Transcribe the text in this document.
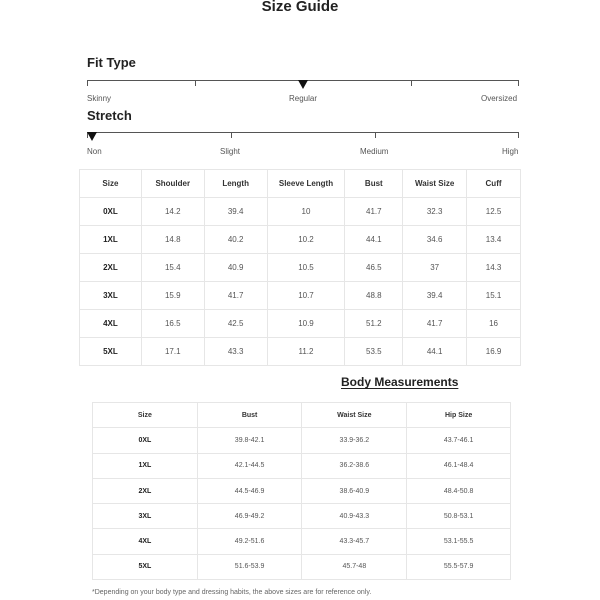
Size Guide
Fit Type
Skinny	Regular	Oversized
Stretch
Non	Slight	Medium	High
Size	Shoulder	Length	Sleeve Length	Bust	Waist Size	Cuff
0XL	14.2	39.4	10	41.7	32.3	12.5
1XL	14.8	40.2	10.2	44.1	34.6	13.4
2XL	15.4	40.9	10.5	46.5	37	14.3
3XL	15.9	41.7	10.7	48.8	39.4	15.1
4XL	16.5	42.5	10.9	51.2	41.7	16
5XL	17.1	43.3	11.2	53.5	44.1	16.9
Body Measurements
Size	Bust	Waist Size	Hip Size
0XL	39.8-42.1	33.9-36.2	43.7-46.1
1XL	42.1-44.5	36.2-38.6	46.1-48.4
2XL	44.5-46.9	38.6-40.9	48.4-50.8
3XL	46.9-49.2	40.9-43.3	50.8-53.1
4XL	49.2-51.6	43.3-45.7	53.1-55.5
5XL	51.6-53.9	45.7-48	55.5-57.9
*Depending on your body type and dressing habits, the above sizes are for reference only.
